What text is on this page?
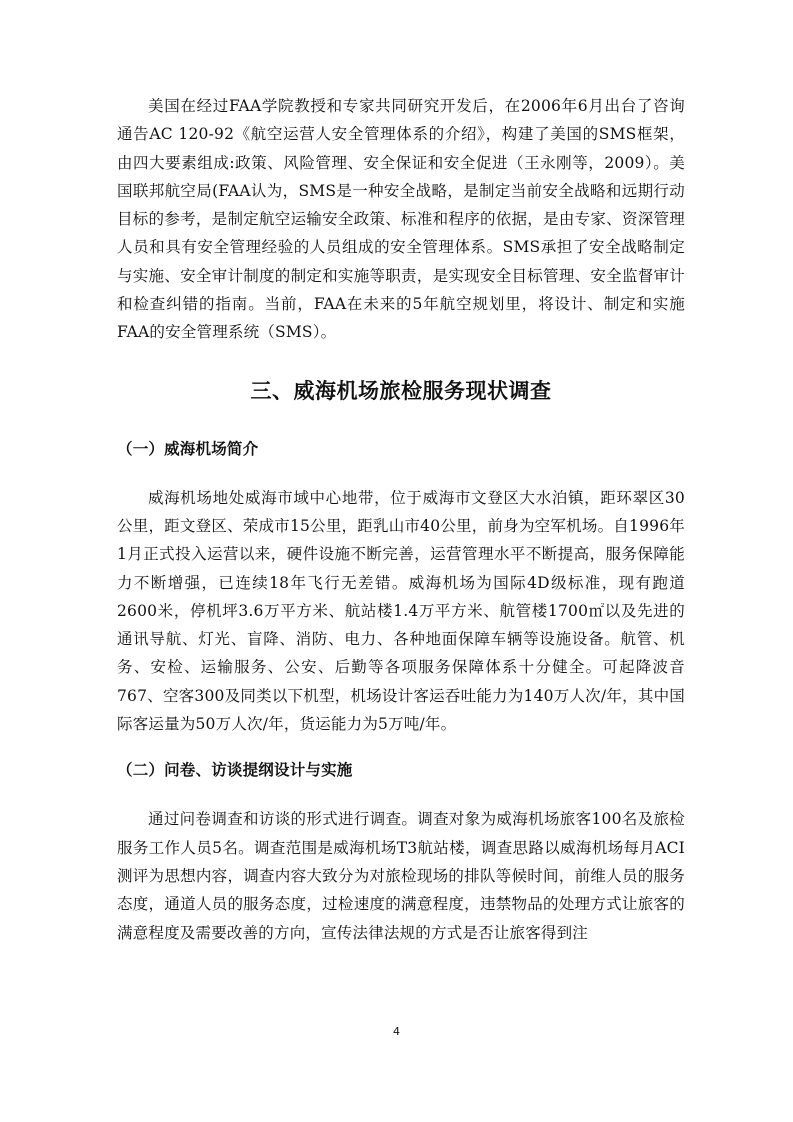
美国在经过FAA学院教授和专家共同研究开发后，在2006年6月出台了咨询通告AC 120-92《航空运营人安全管理体系的介绍》，构建了美国的SMS框架，由四大要素组成:政策、风险管理、安全保证和安全促进（王永刚等，2009）。美国联邦航空局(FAA认为，SMS是一种安全战略，是制定当前安全战略和远期行动目标的参考，是制定航空运输安全政策、标准和程序的依据，是由专家、资深管理人员和具有安全管理经验的人员组成的安全管理体系。SMS承担了安全战略制定与实施、安全审计制度的制定和实施等职责，是实现安全目标管理、安全监督审计和检查纠错的指南。当前，FAA在未来的5年航空规划里，将设计、制定和实施FAA的安全管理系统（SMS）。

三、威海机场旅检服务现状调查
（一）威海机场简介

威海机场地处威海市域中心地带，位于威海市文登区大水泊镇，距环翠区30公里，距文登区、荣成市15公里，距乳山市40公里，前身为空军机场。自1996年1月正式投入运营以来，硬件设施不断完善，运营管理水平不断提高，服务保障能力不断增强，已连续18年飞行无差错。威海机场为国际4D级标准，现有跑道2600米，停机坪3.6万平方米、航站楼1.4万平方米、航管楼1700㎡以及先进的通讯导航、灯光、盲降、消防、电力、各种地面保障车辆等设施设备。航管、机务、安检、运输服务、公安、后勤等各项服务保障体系十分健全。可起降波音767、空客300及同类以下机型，机场设计客运吞吐能力为140万人次/年，其中国际客运量为50万人次/年，货运能力为5万吨/年。

（二）问卷、访谈提纲设计与实施

通过问卷调查和访谈的形式进行调查。调查对象为威海机场旅客100名及旅检服务工作人员5名。调查范围是威海机场T3航站楼，调查思路以威海机场每月ACI测评为思想内容，调查内容大致分为对旅检现场的排队等候时间，前维人员的服务态度，通道人员的服务态度，过检速度的满意程度，违禁物品的处理方式让旅客的满意程度及需要改善的方向，宣传法律法规的方式是否让旅客得到注

4
